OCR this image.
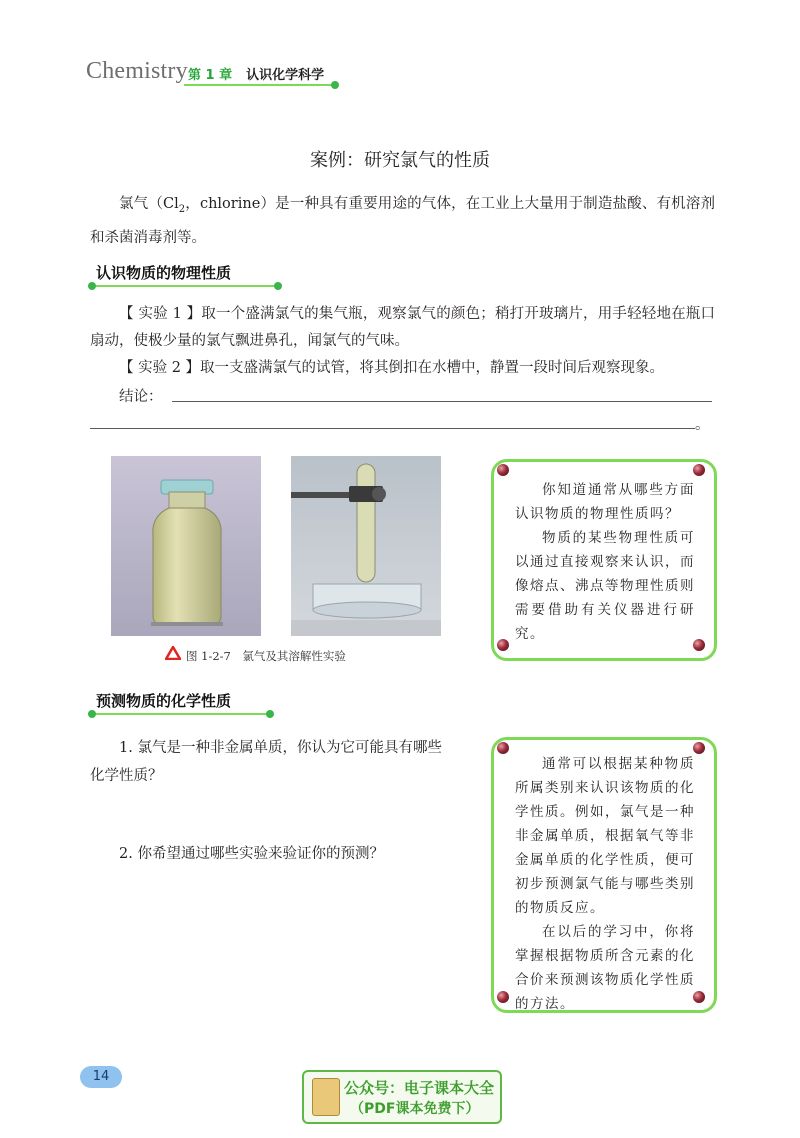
Chemistry 第 1 章 认识化学科学
案例：研究氯气的性质
氯气（$Cl_2$，chlorine）是一种具有重要用途的气体，在工业上大量用于制造盐酸、有机溶剂和杀菌消毒剂等。
认识物质的物理性质
【 实验 1 】取一个盛满氯气的集气瓶，观察氯气的颜色；稍打开玻璃片，用手轻轻地在瓶口扇动，使极少量的氯气飘进鼻孔，闻氯气的气味。
【 实验 2 】取一支盛满氯气的试管，将其倒扣在水槽中，静置一段时间后观察现象。
结论：
。
图 1-2-7　氯气及其溶解性实验

你知道通常从哪些方面认识物质的物理性质吗？

物质的某些物理性质可以通过直接观察来认识，而像熔点、沸点等物理性质则需要借助有关仪器进行研究。

预测物质的化学性质
1. 氯气是一种非金属单质，你认为它可能具有哪些化学性质？
2. 你希望通过哪些实验来验证你的预测？

通常可以根据某种物质所属类别来认识该物质的化学性质。例如，氯气是一种非金属单质，根据氧气等非金属单质的化学性质，便可初步预测氯气能与哪些类别的物质反应。

在以后的学习中，你将掌握根据物质所含元素的化合价来预测该物质化学性质的方法。

14
公众号：电子课本大全
（PDF课本免费下）
